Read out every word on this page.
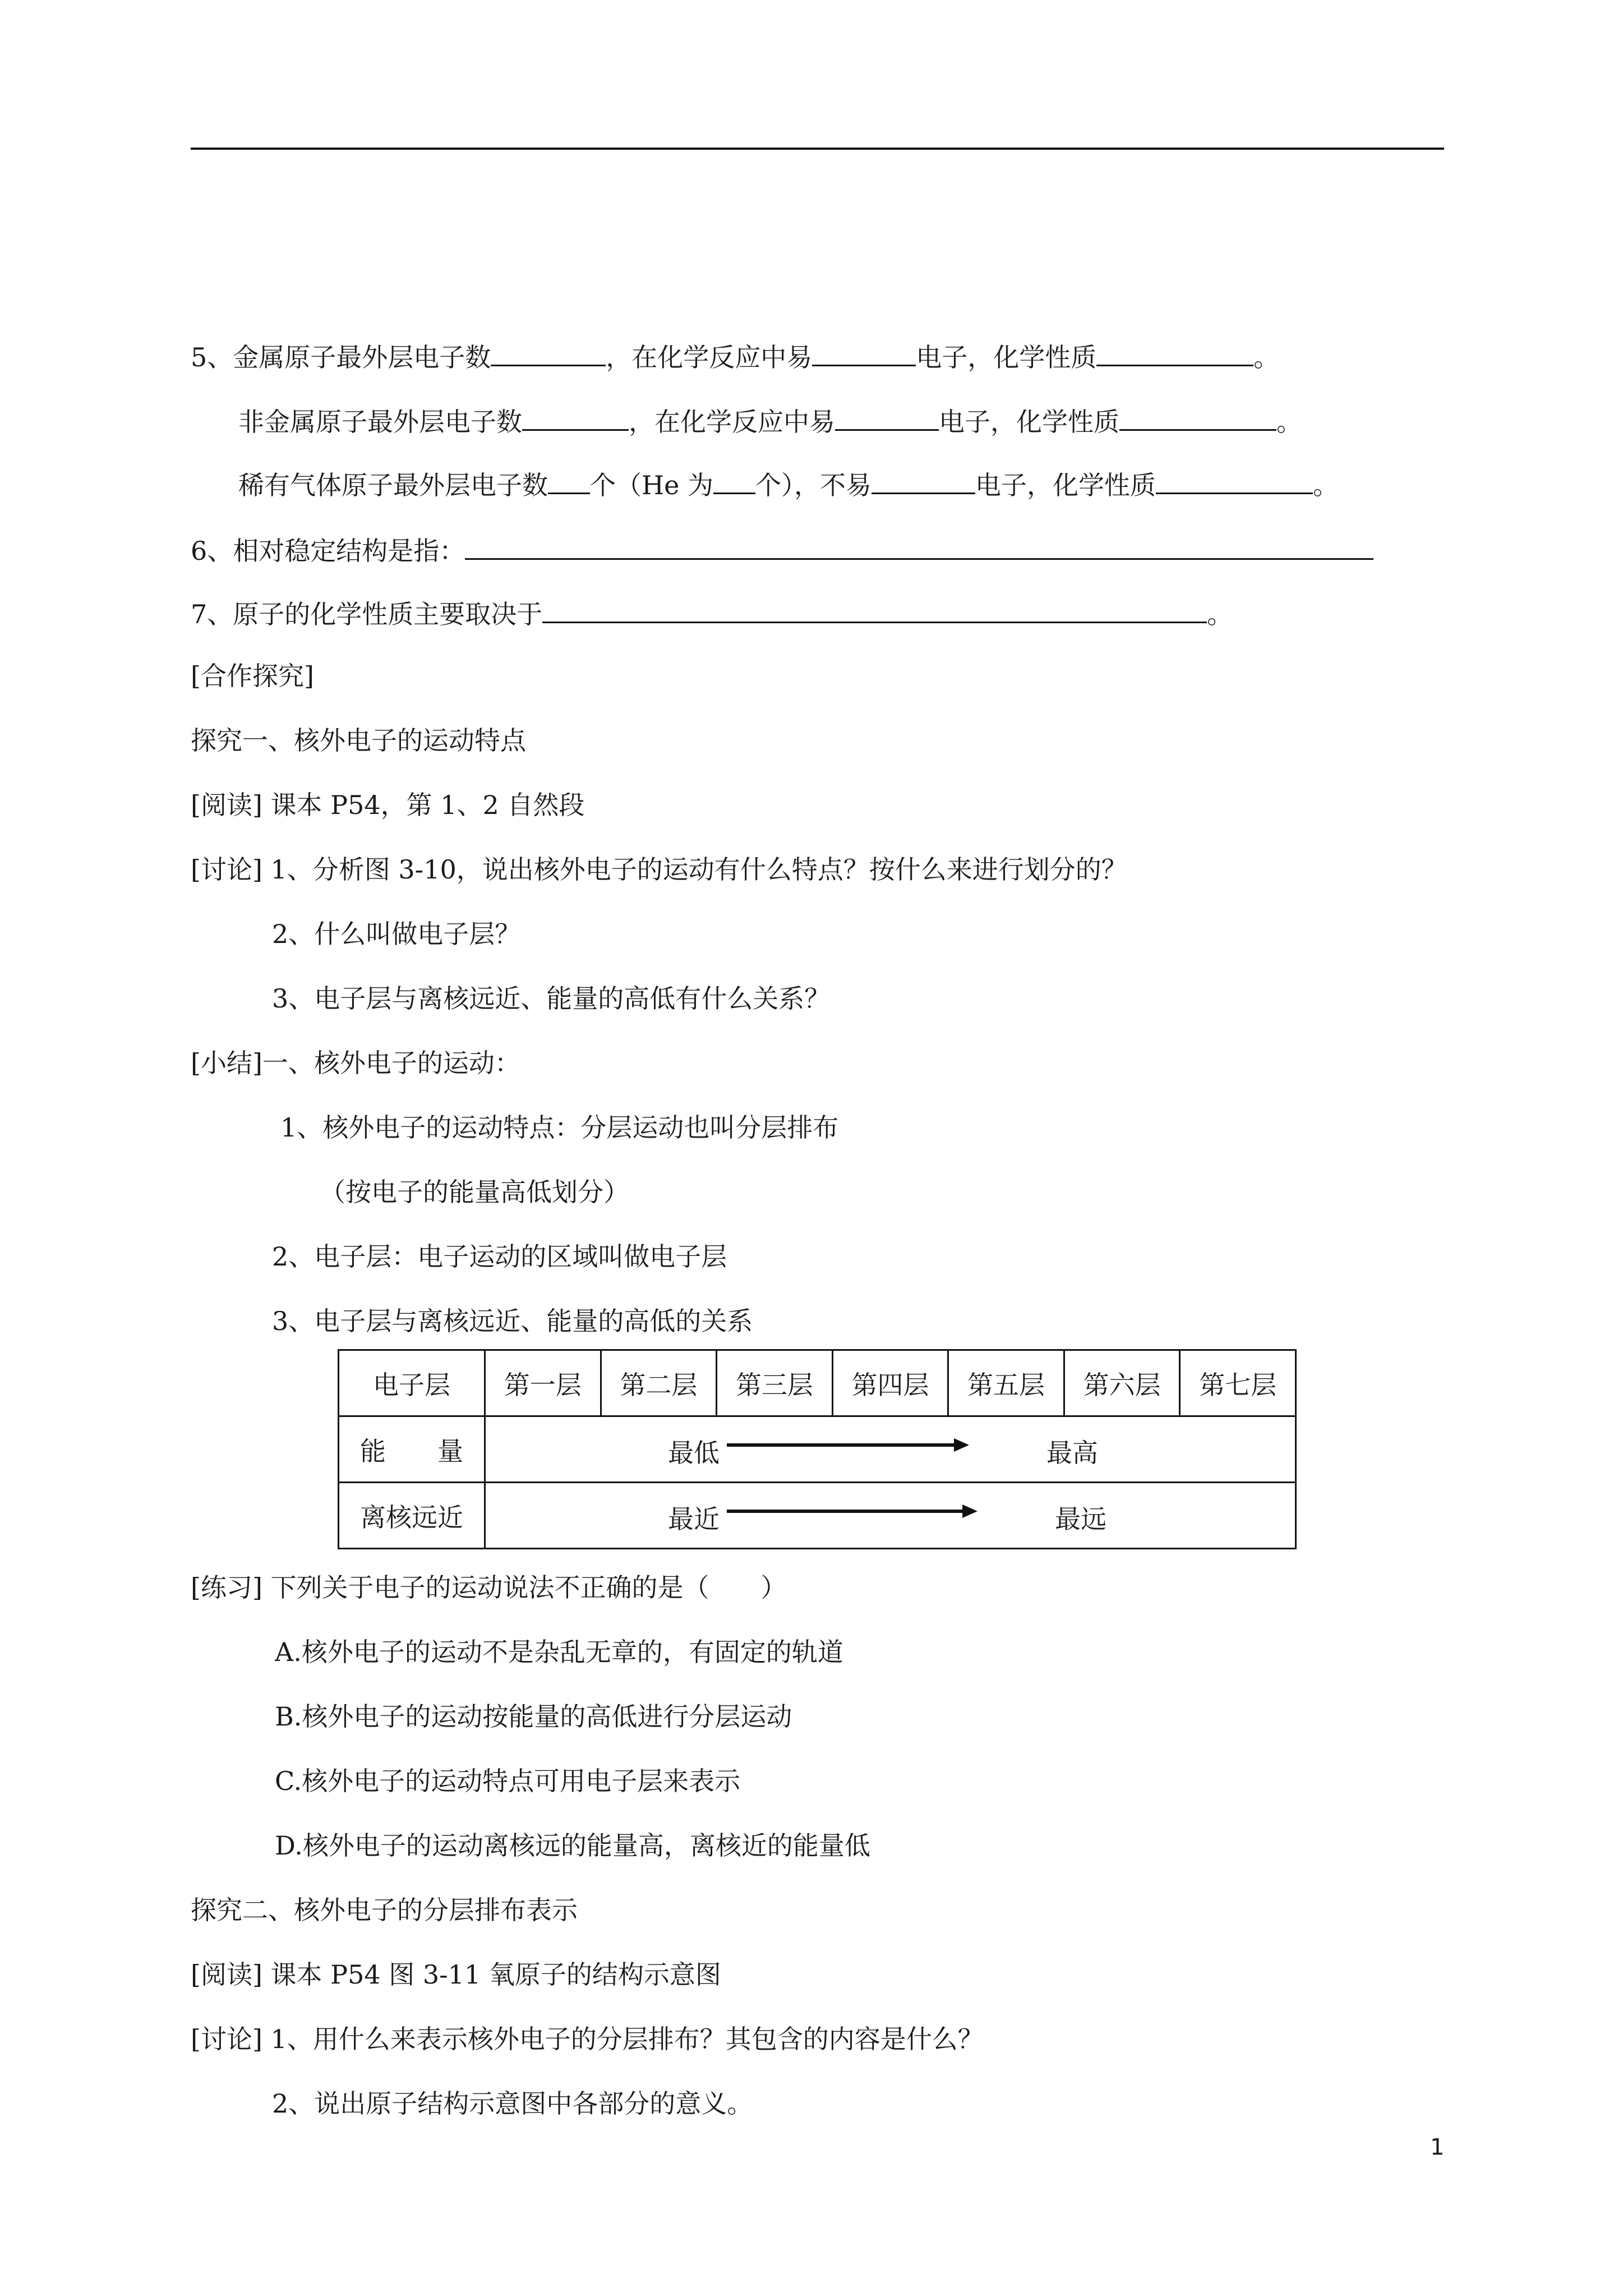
5、金属原子最外层电子数	，在化学反应中易	电子，化学性质	。
非金属原子最外层电子数	，在化学反应中易	电子，化学性质	。
稀有气体原子最外层电子数 个（He 为 个），不易	电子，化学性质	。
6、相对稳定结构是指：
7、原子的化学性质主要取决于	。
[合作探究]
探究一、核外电子的运动特点
[阅读] 课本 P54，第 1、2 自然段
[讨论] 1、分析图 3-10，说出核外电子的运动有什么特点？按什么来进行划分的？
2、什么叫做电子层？
3、电子层与离核远近、能量的高低有什么关系？
[小结]一、核外电子的运动：
1、核外电子的运动特点：分层运动也叫分层排布
（按电子的能量高低划分）
2、电子层：电子运动的区域叫做电子层
3、电子层与离核远近、能量的高低的关系
电子层	第一层	第二层	第三层	第四层	第五层	第六层	第七层
能　　量	最低 最高						

离核远近	最近 最远						
[练习] 下列关于电子的运动说法不正确的是（　　）
A.核外电子的运动不是杂乱无章的，有固定的轨道
B.核外电子的运动按能量的高低进行分层运动
C.核外电子的运动特点可用电子层来表示
D.核外电子的运动离核远的能量高，离核近的能量低
探究二、核外电子的分层排布表示
[阅读] 课本 P54 图 3-11 氧原子的结构示意图
[讨论] 1、用什么来表示核外电子的分层排布？其包含的内容是什么？
2、说出原子结构示意图中各部分的意义。
1
